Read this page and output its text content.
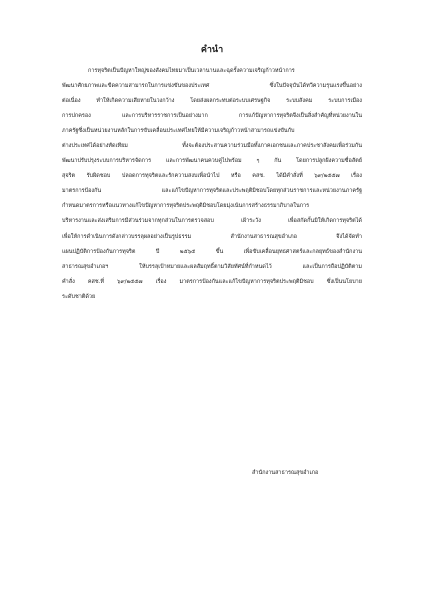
คำนำ
การทุจริตเป็นปัญหาใหญ่ของสังคมไทยมาเป็นเวลานานและฉุดรั้งความเจริญก้าวหน้าการ
พัฒนาศักยภาพและขีดความสามารถในการแข่งขันของประเทศ ซึ่งในปัจจุบันได้ทวีความรุนแรงขึ้นอย่าง
ต่อเนื่อง ทำให้เกิดความเสียหายในวงกว้าง โดยส่งผลกระทบต่อระบบเศรษฐกิจ ระบบสังคม ระบบการเมือง
การปกครอง และการบริหารราชการเป็นอย่างมาก การแก้ปัญหาการทุจริตจึงเป็นสิ่งสำคัญที่หน่วยงานใน
ภาครัฐซึ่งเป็นหน่วยงานหลักในการขับเคลื่อนประเทศไทยให้มีความเจริญก้าวหน้าสามารถแข่งขันกับ
ต่างประเทศได้อย่างทัดเทียม ทั้งจะต้องประสานความร่วมมือทั้งภาคเอกชนและภาคประชาสังคมเพื่อร่วมกัน
พัฒนาปรับปรุงระบบการบริหารจัดการ และการพัฒนาคนควบคู่ไปพร้อม ๆ กัน โดยการปลูกฝังความซื่อสัตย์
สุจริต รับผิดชอบ ปลอดการทุจริตและรักความสงบเพื่อนำไป หรือ คสช. ได้มีคำสั่งที่ ๖๙/๒๕๕๗ เรื่อง
มาตรการป้องกัน และแก้ไขปัญหาการทุจริตและประพฤติมิชอบโดยทุกส่วนราชการและหน่วยงานภาครัฐ
กำหนดมาตรการหรือแนวทางแก้ไขปัญหาการทุจริตประพฤติมิชอบโดยมุ่งเน้นการสร้างธรรมาภิบาลในการ
บริหารงานและส่งเสริมการมีส่วนร่วมจากทุกส่วนในการตรวจสอบ เฝ้าระวัง เพื่อสกัดกั้นมิให้เกิดการทุจริตได้
เพื่อให้การดำเนินการดังกล่าวบรรลุผลอย่างเป็นรูปธรรม สำนักงานสาธารณสุขอำเภอ จึงได้จัดทำ
แผนปฏิบัติการป้องกันการทุจริต ปี ๒๕๖๕ ขึ้น เพื่อขับเคลื่อนยุทธศาสตร์และกลยุทธ์ของสำนักงาน
สาธารณสุขอำเภอฯ ให้บรรลุเป้าหมายและผลสัมฤทธิ์ตามวิสัยทัศน์ที่กำหนดไว้ และเป็นการถือปฏิบัติตาม
คำสั่ง คสช.ที่ ๖๙/๒๕๕๗ เรื่อง มาตรการป้องกันและแก้ไขปัญหาการทุจริตประพฤติมิชอบ ซึ่งเป็นนโยบาย
ระดับชาติด้วย
สำนักงานสาธารณสุขอำเภอ
